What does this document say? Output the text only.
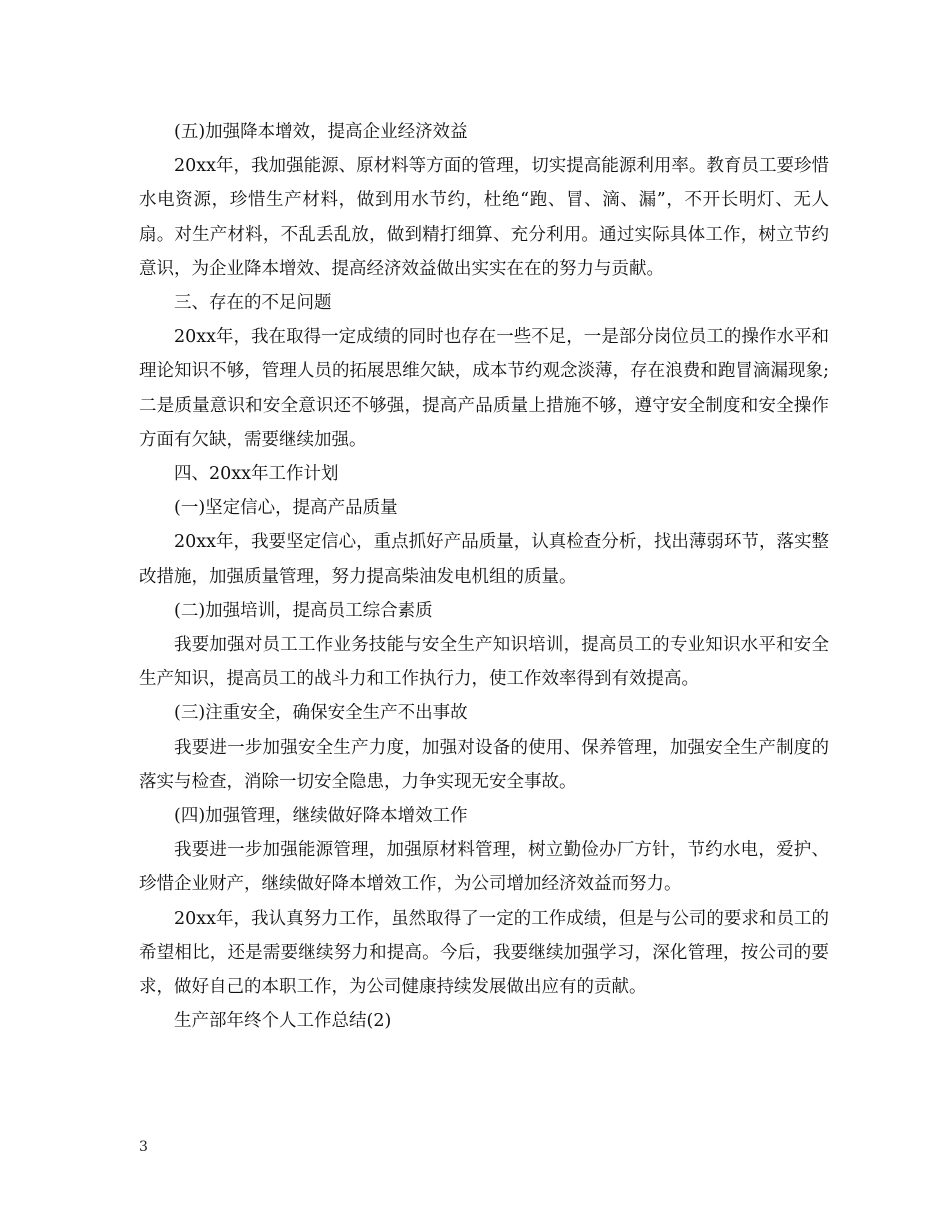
(五)加强降本增效，提高企业经济效益

20xx年，我加强能源、原材料等方面的管理，切实提高能源利用率。教育员工要珍惜水电资源，珍惜生产材料，做到用水节约，杜绝“跑、冒、滴、漏”，不开长明灯、无人扇。对生产材料，不乱丢乱放，做到精打细算、充分利用。通过实际具体工作，树立节约意识，为企业降本增效、提高经济效益做出实实在在的努力与贡献。

三、存在的不足问题

20xx年，我在取得一定成绩的同时也存在一些不足，一是部分岗位员工的操作水平和理论知识不够，管理人员的拓展思维欠缺，成本节约观念淡薄，存在浪费和跑冒滴漏现象;二是质量意识和安全意识还不够强，提高产品质量上措施不够，遵守安全制度和安全操作方面有欠缺，需要继续加强。

四、20xx年工作计划

(一)坚定信心，提高产品质量

20xx年，我要坚定信心，重点抓好产品质量，认真检查分析，找出薄弱环节，落实整改措施，加强质量管理，努力提高柴油发电机组的质量。

(二)加强培训，提高员工综合素质

我要加强对员工工作业务技能与安全生产知识培训，提高员工的专业知识水平和安全生产知识，提高员工的战斗力和工作执行力，使工作效率得到有效提高。

(三)注重安全，确保安全生产不出事故

我要进一步加强安全生产力度，加强对设备的使用、保养管理，加强安全生产制度的落实与检查，消除一切安全隐患，力争实现无安全事故。

(四)加强管理，继续做好降本增效工作

我要进一步加强能源管理，加强原材料管理，树立勤俭办厂方针，节约水电，爱护、珍惜企业财产，继续做好降本增效工作，为公司增加经济效益而努力。

20xx年，我认真努力工作，虽然取得了一定的工作成绩，但是与公司的要求和员工的希望相比，还是需要继续努力和提高。今后，我要继续加强学习，深化管理，按公司的要求，做好自己的本职工作，为公司健康持续发展做出应有的贡献。

生产部年终个人工作总结(2)

3
